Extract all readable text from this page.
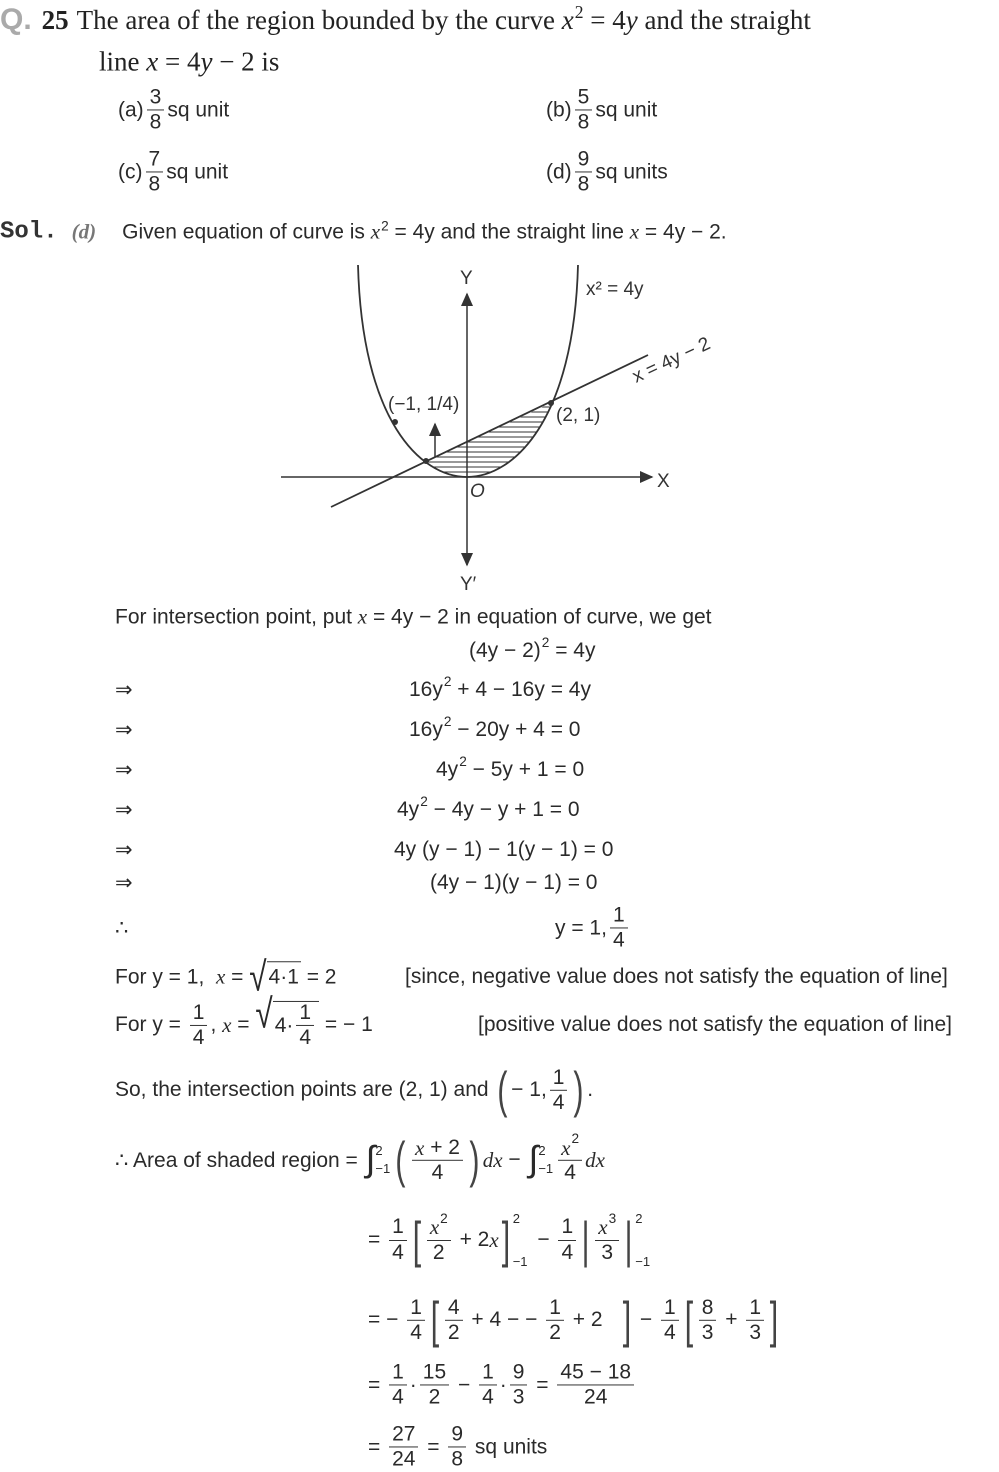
Q. 25 The area of the region bounded by the curve $x^2 = 4y$ and the straight
line x = 4 y − 2 is
$(a) \frac{3}{8}$ sq unit	$(b) \frac{5}{8}$ sq unit
$(c) \frac{7}{8}$ sq unit	$(d) \frac{9}{8}$ sq units
Sol. (d) Given equation of curve is $x^2 = 4y$ and the straight line x = 4y − 2.
Y
Y′
X
O
x² = 4y
x = 4y − 2
(−1, 1/4)
(2, 1)
For intersection point, put x = 4y − 2 in equation of curve, we get
(4y − 2) 2 = 4y
⇒	16y 2 + 4 − 16y = 4y
⇒	16y 2 − 20y + 4 = 0
⇒	4y 2 − 5y + 1 = 0
⇒	4y 2 − 4y − y + 1 = 0
⇒	4y (y − 1) − 1(y − 1) = 0
⇒	(4y − 1)(y − 1) = 0
∴	y = 1, $\frac{1}{4}$
For y = 1, x = √ 4·1 = 2	[since, negative value does not satisfy the equation of line]
For $y = \frac{1}{4}$ , x = √ $4\cdot \frac{1}{4}$ = − 1	[positive value does not satisfy the equation of line]
So, the intersection points are (2, 1) and ( − 1, $\frac{1}{4}$ ) .
∴ Area of shaded region = ∫ 2
−1 ( $\frac{x + 2}{4}$ ) dx − ∫ 2
$-1 \frac{x 2}{4}$ dx
= $\frac{1}{4}$ [ $\frac{x 2}{2} + 2$ x ] 2
−1
− $\frac{1}{4}$ | $\frac{x 3}{3}$ | 2
−1
= − $\frac{1}{4}$ [ $\frac{4}{2} + 4$ − − $\frac{1}{2} + 2$ ] − $\frac{1}{4}$ [ $\frac{8}{3} + \frac{1}{3}$ ]
= $\frac{1}{4} \cdot \frac{15}{2} - \frac{1}{4} \cdot \frac{9}{3} = \frac{45 - 18}{24}$
= $\frac{27}{24} = \frac{9}{8}$ sq units
